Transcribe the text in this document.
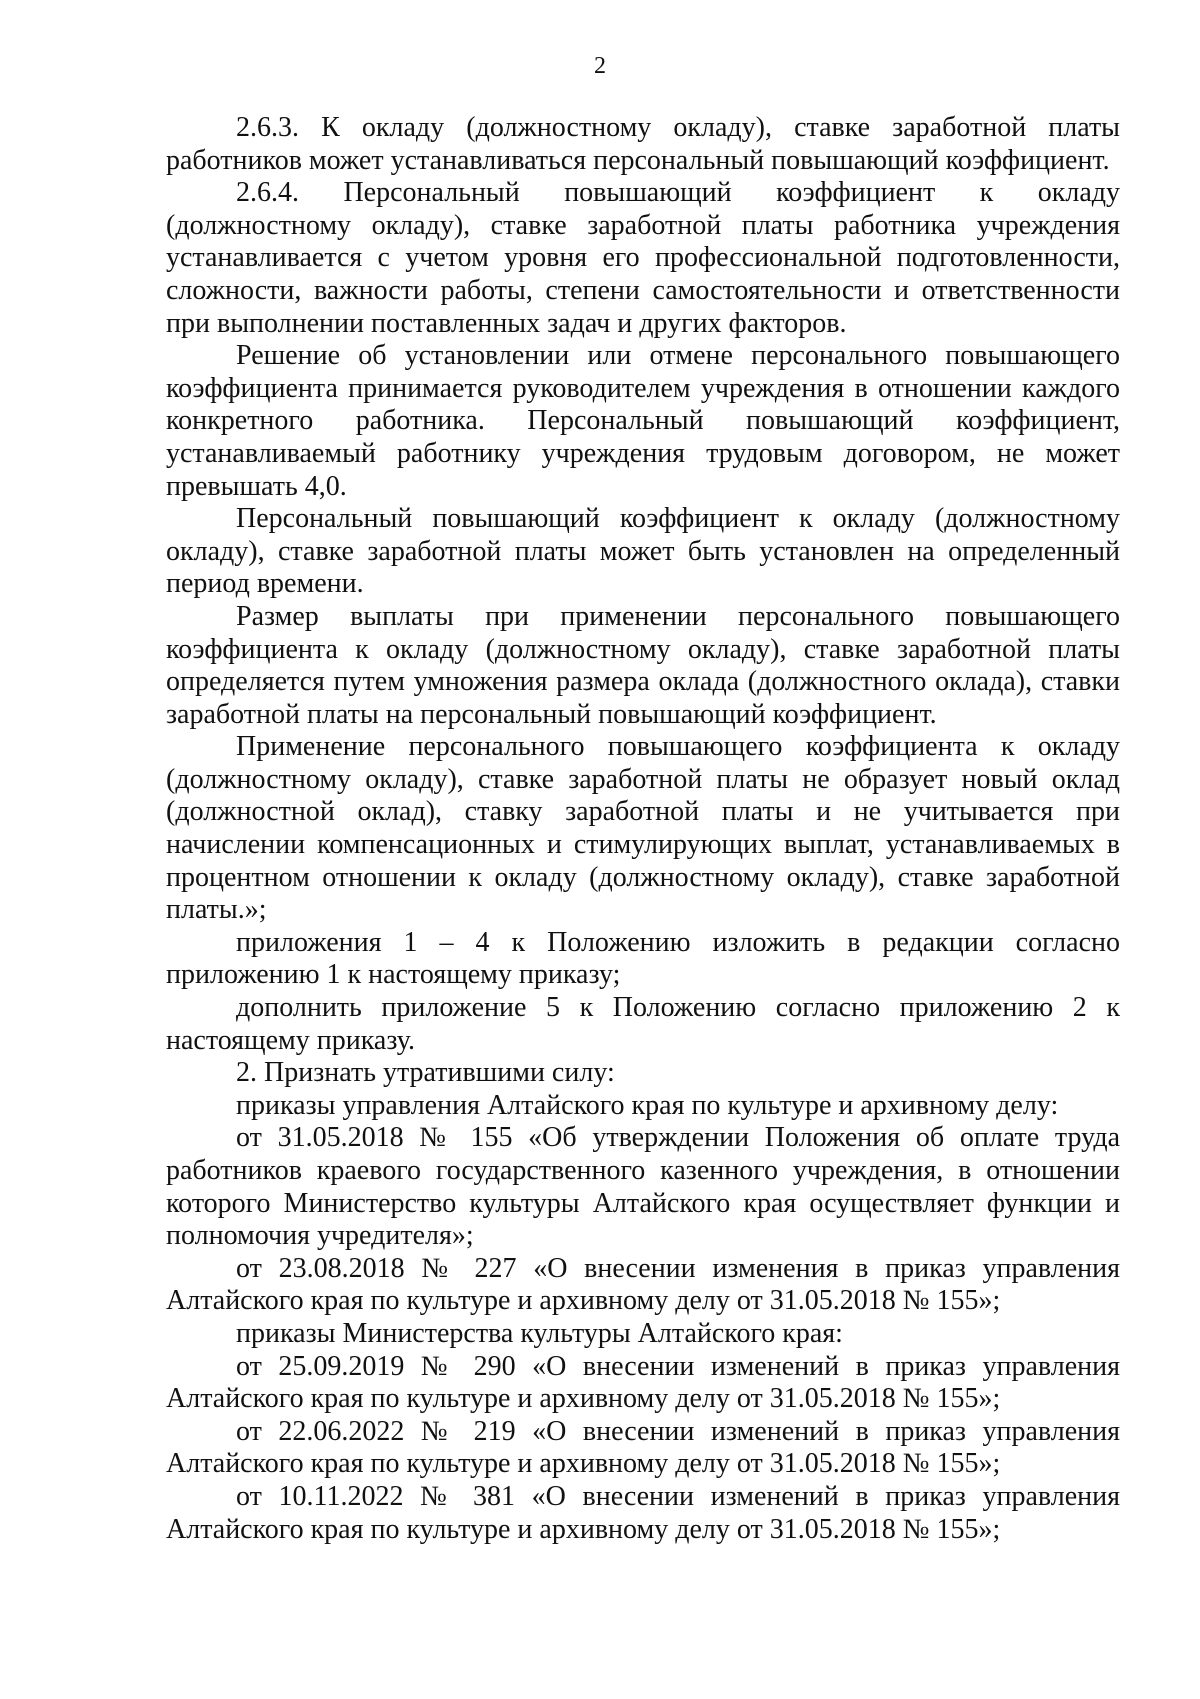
2

2.6.3. К окладу (должностному окладу), ставке заработной платы работников может устанавливаться персональный повышающий коэффициент.

2.6.4. Персональный повышающий коэффициент к окладу (должностному окладу), ставке заработной платы работника учреждения устанавливается с учетом уровня его профессиональной подготовленности, сложности, важности работы, степени самостоятельности и ответственности при выполнении поставленных задач и других факторов.

Решение об установлении или отмене персонального повышающего коэффициента принимается руководителем учреждения в отношении каждого конкретного работника. Персональный повышающий коэффициент, устанавливаемый работнику учреждения трудовым договором, не может превышать 4,0.

Персональный повышающий коэффициент к окладу (должностному окладу), ставке заработной платы может быть установлен на определенный период времени.

Размер выплаты при применении персонального повышающего коэффициента к окладу (должностному окладу), ставке заработной платы определяется путем умножения размера оклада (должностного оклада), ставки заработной платы на персональный повышающий коэффициент.

Применение персонального повышающего коэффициента к окладу (должностному окладу), ставке заработной платы не образует новый оклад (должностной оклад), ставку заработной платы и не учитывается при начислении компенсационных и стимулирующих выплат, устанавливаемых в процентном отношении к окладу (должностному окладу), ставке заработной платы.»;

приложения 1 – 4 к Положению изложить в редакции согласно приложению 1 к настоящему приказу;

дополнить приложение 5 к Положению согласно приложению 2 к настоящему приказу.

2. Признать утратившими силу:

приказы управления Алтайского края по культуре и архивному делу:

от 31.05.2018 № 155 «Об утверждении Положения об оплате труда работников краевого государственного казенного учреждения, в отношении которого Министерство культуры Алтайского края осуществляет функции и полномочия учредителя»;

от 23.08.2018 № 227 «О внесении изменения в приказ управления Алтайского края по культуре и архивному делу от 31.05.2018 № 155»;

приказы Министерства культуры Алтайского края:

от 25.09.2019 № 290 «О внесении изменений в приказ управления Алтайского края по культуре и архивному делу от 31.05.2018 № 155»;

от 22.06.2022 № 219 «О внесении изменений в приказ управления Алтайского края по культуре и архивному делу от 31.05.2018 № 155»;

от 10.11.2022 № 381 «О внесении изменений в приказ управления Алтайского края по культуре и архивному делу от 31.05.2018 № 155»;
